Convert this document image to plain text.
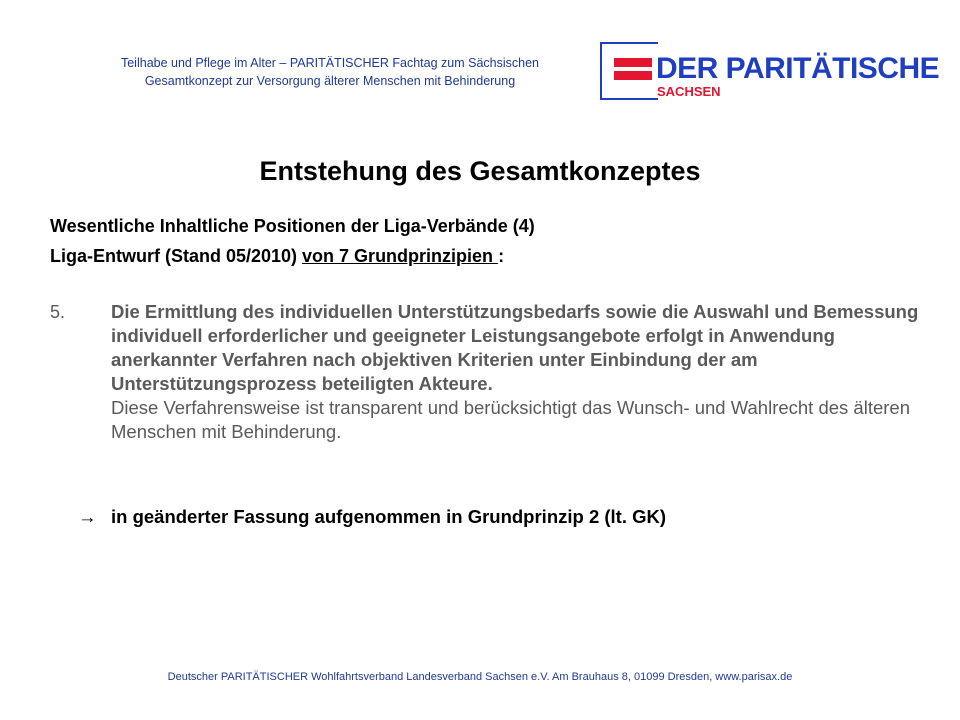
Teilhabe und Pflege im Alter – PARITÄTISCHER Fachtag zum Sächsischen
Gesamtkonzept zur Versorgung älterer Menschen mit Behinderung	DER PARITÄTISCHE
SACHSEN
Entstehung des Gesamtkonzeptes
Wesentliche Inhaltliche Positionen der Liga-Verbände (4)
Liga-Entwurf (Stand 05/2010) von 7 Grundprinzipien :
5. Die Ermittlung des individuellen Unterstützungsbedarfs sowie die Auswahl und Bemessung individuell erforderlicher und geeigneter Leistungsangebote erfolgt in Anwendung anerkannter Verfahren nach objektiven Kriterien unter Einbindung der am Unterstützungsprozess beteiligten Akteure.
Diese Verfahrensweise ist transparent und berücksichtigt das Wunsch- und Wahlrecht des älteren Menschen mit Behinderung.
→ in geänderter Fassung aufgenommen in Grundprinzip 2 (lt. GK)
Deutscher PARITÄTISCHER Wohlfahrtsverband Landesverband Sachsen e.V. Am Brauhaus 8, 01099 Dresden, www.parisax.de
